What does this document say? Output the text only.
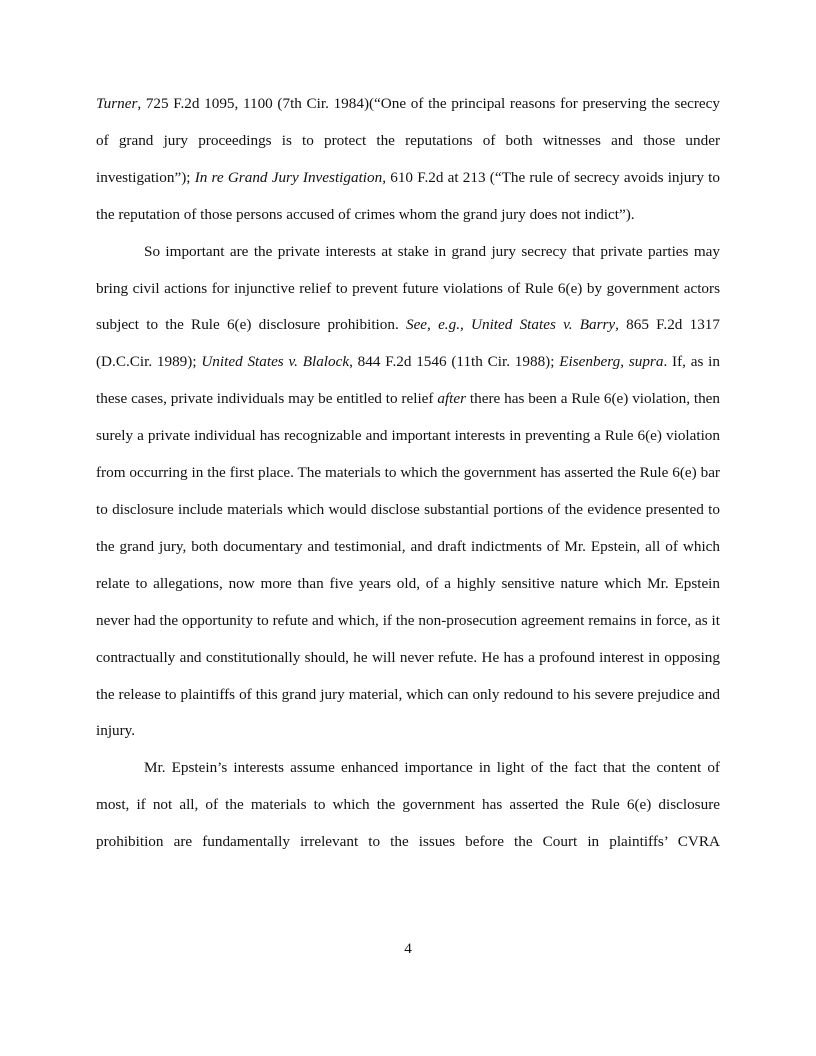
Turner, 725 F.2d 1095, 1100 (7th Cir. 1984)(“One of the principal reasons for preserving the secrecy of grand jury proceedings is to protect the reputations of both witnesses and those under investigation”); In re Grand Jury Investigation, 610 F.2d at 213 (“The rule of secrecy avoids injury to the reputation of those persons accused of crimes whom the grand jury does not indict”).

So important are the private interests at stake in grand jury secrecy that private parties may bring civil actions for injunctive relief to prevent future violations of Rule 6(e) by government actors subject to the Rule 6(e) disclosure prohibition. See, e.g., United States v. Barry, 865 F.2d 1317 (D.C.Cir. 1989); United States v. Blalock, 844 F.2d 1546 (11th Cir. 1988); Eisenberg, supra. If, as in these cases, private individuals may be entitled to relief after there has been a Rule 6(e) violation, then surely a private individual has recognizable and important interests in preventing a Rule 6(e) violation from occurring in the first place. The materials to which the government has asserted the Rule 6(e) bar to disclosure include materials which would disclose substantial portions of the evidence presented to the grand jury, both documentary and testimonial, and draft indictments of Mr. Epstein, all of which relate to allegations, now more than five years old, of a highly sensitive nature which Mr. Epstein never had the opportunity to refute and which, if the non-prosecution agreement remains in force, as it contractually and constitutionally should, he will never refute. He has a profound interest in opposing the release to plaintiffs of this grand jury material, which can only redound to his severe prejudice and injury.

Mr. Epstein’s interests assume enhanced importance in light of the fact that the content of most, if not all, of the materials to which the government has asserted the Rule 6(e) disclosure prohibition are fundamentally irrelevant to the issues before the Court in plaintiffs’ CVRA

4
